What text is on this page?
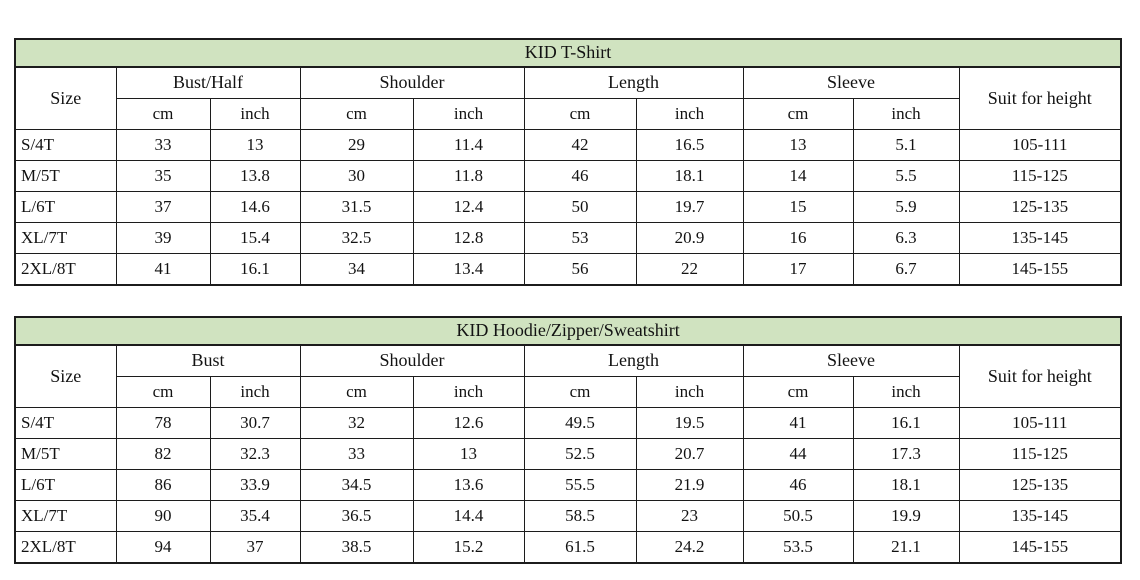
KID T-Shirt									
Size	Bust/Half		Shoulder		Length		Sleeve		Suit for height
	cm	inch	cm	inch	cm	inch	cm	inch	
S/4T	33	13	29	11.4	42	16.5	13	5.1	105-111
M/5T	35	13.8	30	11.8	46	18.1	14	5.5	115-125
L/6T	37	14.6	31.5	12.4	50	19.7	15	5.9	125-135
XL/7T	39	15.4	32.5	12.8	53	20.9	16	6.3	135-145
2XL/8T	41	16.1	34	13.4	56	22	17	6.7	145-155
KID Hoodie/Zipper/Sweatshirt									
Size	Bust		Shoulder		Length		Sleeve		Suit for height
	cm	inch	cm	inch	cm	inch	cm	inch	
S/4T	78	30.7	32	12.6	49.5	19.5	41	16.1	105-111
M/5T	82	32.3	33	13	52.5	20.7	44	17.3	115-125
L/6T	86	33.9	34.5	13.6	55.5	21.9	46	18.1	125-135
XL/7T	90	35.4	36.5	14.4	58.5	23	50.5	19.9	135-145
2XL/8T	94	37	38.5	15.2	61.5	24.2	53.5	21.1	145-155
